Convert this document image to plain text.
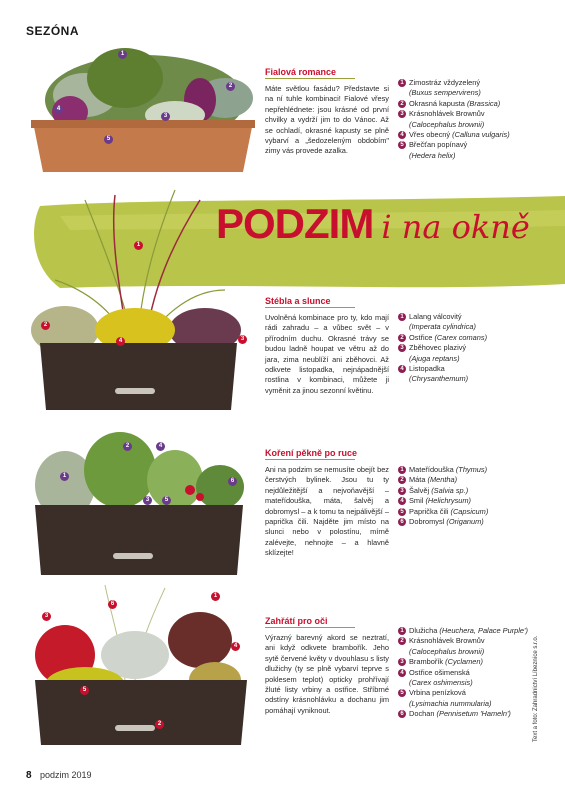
SEZÓNA
1
2
3
4
5
Fialová romance
Máte světlou fasádu? Představte si na ní tuhle kombinaci! Fialové vřesy nepřehlédnete: jsou krásné od první chvilky a vydrží jim to do Vánoc. Až se ochladí, okrasné kapusty se plně vybarví a „šedozeleným obdobím" zimy vás provede azalka.
1 Zimostráz vždyzelený
(Buxus sempervirens)
2 Okrasná kapusta (Brassica)
3 Krásnohlávek Brownův
(Calocephalus brownii)
4 Vřes obecný (Calluna vulgaris)
5 Břečťan popínavý
(Hedera helix)
PODZIM i na okně
1
2
3
4
Stébla a slunce
Uvolněná kombinace pro ty, kdo mají rádi zahradu – a vůbec svět – v přírodním duchu. Okrasné trávy se budou ladně houpat ve větru až do jara, zima neublíží ani zběhovci. Až odkvete listopadka, nejnápadnější rostlina v kombinaci, můžete ji vyměnit za jinou sezonní květinu.
1 Lalang válcovitý
(Imperata cylindrica)
2 Ostřice (Carex comans)
3 Zběhovec plazivý
(Ajuga reptans)
4 Listopadka
(Chrysanthemum)
1
2
3
4
5
6
Koření pěkně po ruce
Ani na podzim se nemusíte obejít bez čerstvých bylinek. Jsou tu ty nejdůležitější a nejvoňavější – mateřídouška, máta, šalvěj a dobromysl – a k tomu ta nejpálivější – paprička čili. Najděte jim místo na slunci nebo v polostínu, mírně zalévejte, nehnojte – a hlavně sklízejte!
1 Mateřídouška (Thymus)
2 Máta (Mentha)
3 Šalvěj (Salvia sp.)
4 Smil (Helichrysum)
5 Paprička čili (Capsicum)
6 Dobromysl (Origanum)
1
2
3
4
5
6
Zahřátí pro oči
Výrazný barevný akord se neztratí, ani když odkvete brambořík. Jeho sytě červené květy v dvouhlasu s listy dlužichy (ty se plně vybarví teprve s poklesem teplot) opticky prohřívají žluté listy vrbiny a ostřice. Stříbrné odstíny krásnohlávku a dochanu jim pomáhají vyniknout.
1 Dlužicha (Heuchera, Palace Purple')
2 Krásnohlávek Brownův
(Calocephalus brownii)
3 Brambořík (Cyclamen)
4 Ostřice ošimenská
(Carex oshimensis)
5 Vrbina penízková
(Lysimachia nummularia)
6 Dochan (Pennisetum 'Hameln')	Text a foto: Zahradnictví Líbezníce s.r.o.
8 podzim 2019
